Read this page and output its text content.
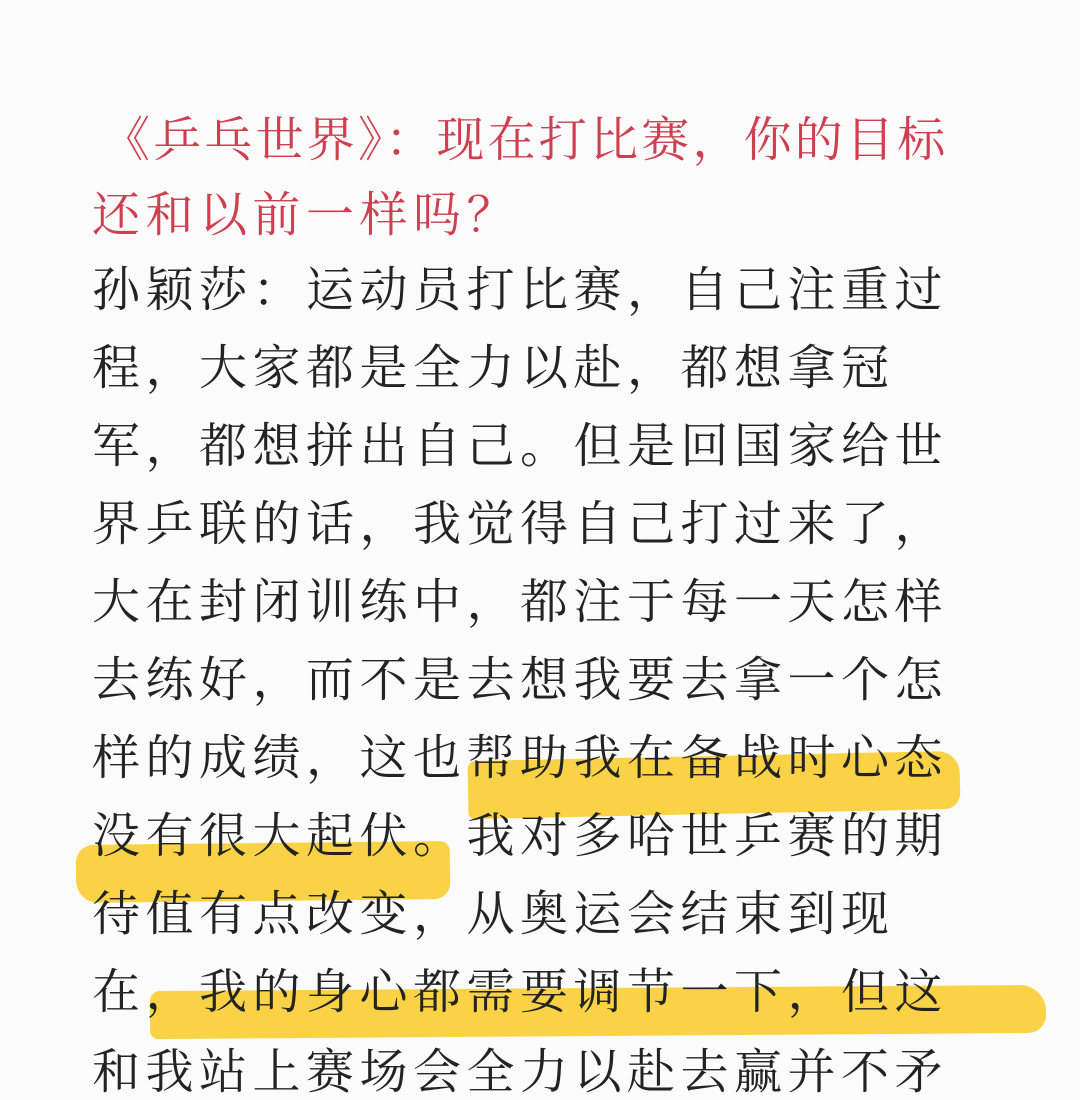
《乒乓世界》：现在打比赛，你的目标

还和以前一样吗？

孙颖莎：运动员打比赛，自己注重过

程，大家都是全力以赴，都想拿冠

军，都想拼出自己。但是回国家给世

界乒联的话，我觉得自己打过来了，

大在封闭训练中，都注于每一天怎样

去练好，而不是去想我要去拿一个怎

样的成绩，这也帮助我在备战时心态

没有很大起伏。我对多哈世乒赛的期

待值有点改变，从奥运会结束到现

在，我的身心都需要调节一下，但这

和我站上赛场会全力以赴去赢并不矛
